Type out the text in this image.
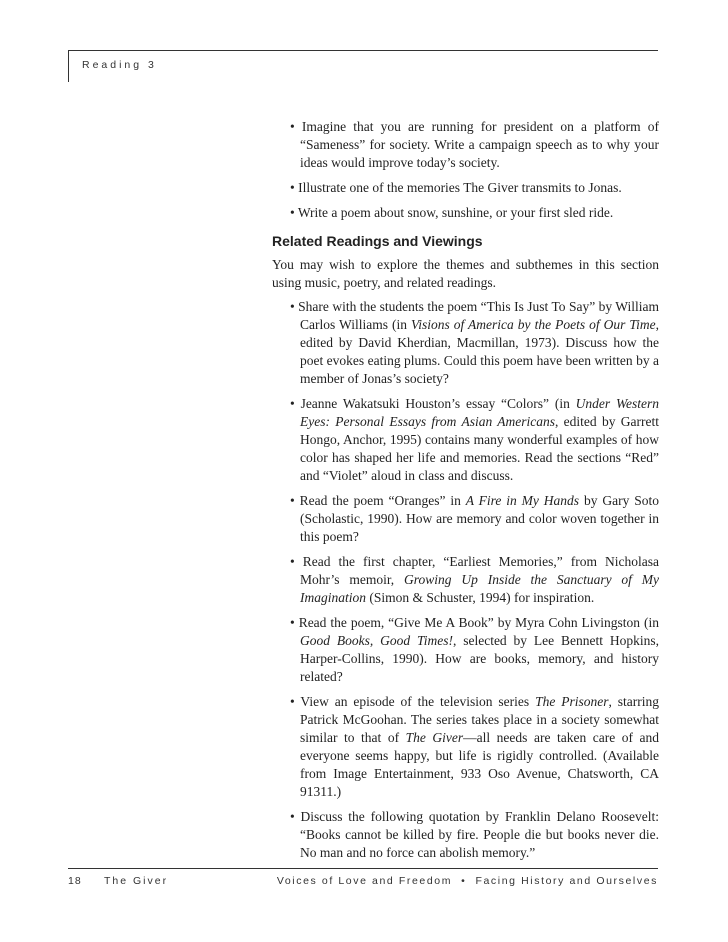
Reading 3
• Imagine that you are running for president on a platform of “Sameness” for society. Write a campaign speech as to why your ideas would improve today’s society.
• Illustrate one of the memories The Giver transmits to Jonas.
• Write a poem about snow, sunshine, or your first sled ride.
Related Readings and Viewings
You may wish to explore the themes and subthemes in this section using music, poetry, and related readings.
• Share with the students the poem “This Is Just To Say” by William Carlos Williams (in Visions of America by the Poets of Our Time, edited by David Kherdian, Macmillan, 1973). Discuss how the poet evokes eating plums. Could this poem have been written by a member of Jonas’s society?
• Jeanne Wakatsuki Houston’s essay “Colors” (in Under Western Eyes: Personal Essays from Asian Americans, edited by Garrett Hongo, Anchor, 1995) contains many wonderful examples of how color has shaped her life and memories. Read the sections “Red” and “Violet” aloud in class and discuss.
• Read the poem “Oranges” in A Fire in My Hands by Gary Soto (Scholastic, 1990). How are memory and color woven together in this poem?
• Read the first chapter, “Earliest Memories,” from Nicholasa Mohr’s memoir, Growing Up Inside the Sanctuary of My Imagination (Simon & Schuster, 1994) for inspiration.
• Read the poem, “Give Me A Book” by Myra Cohn Livingston (in Good Books, Good Times!, selected by Lee Bennett Hopkins, Harper-Collins, 1990). How are books, memory, and history related?
• View an episode of the television series The Prisoner, starring Patrick McGoohan. The series takes place in a society somewhat similar to that of The Giver—all needs are taken care of and everyone seems happy, but life is rigidly controlled. (Available from Image Entertainment, 933 Oso Avenue, Chatsworth, CA 91311.)
• Discuss the following quotation by Franklin Delano Roosevelt: “Books cannot be killed by fire. People die but books never die. No man and no force can abolish memory.”
18 The Giver	Voices of Love and Freedom • Facing History and Ourselves
